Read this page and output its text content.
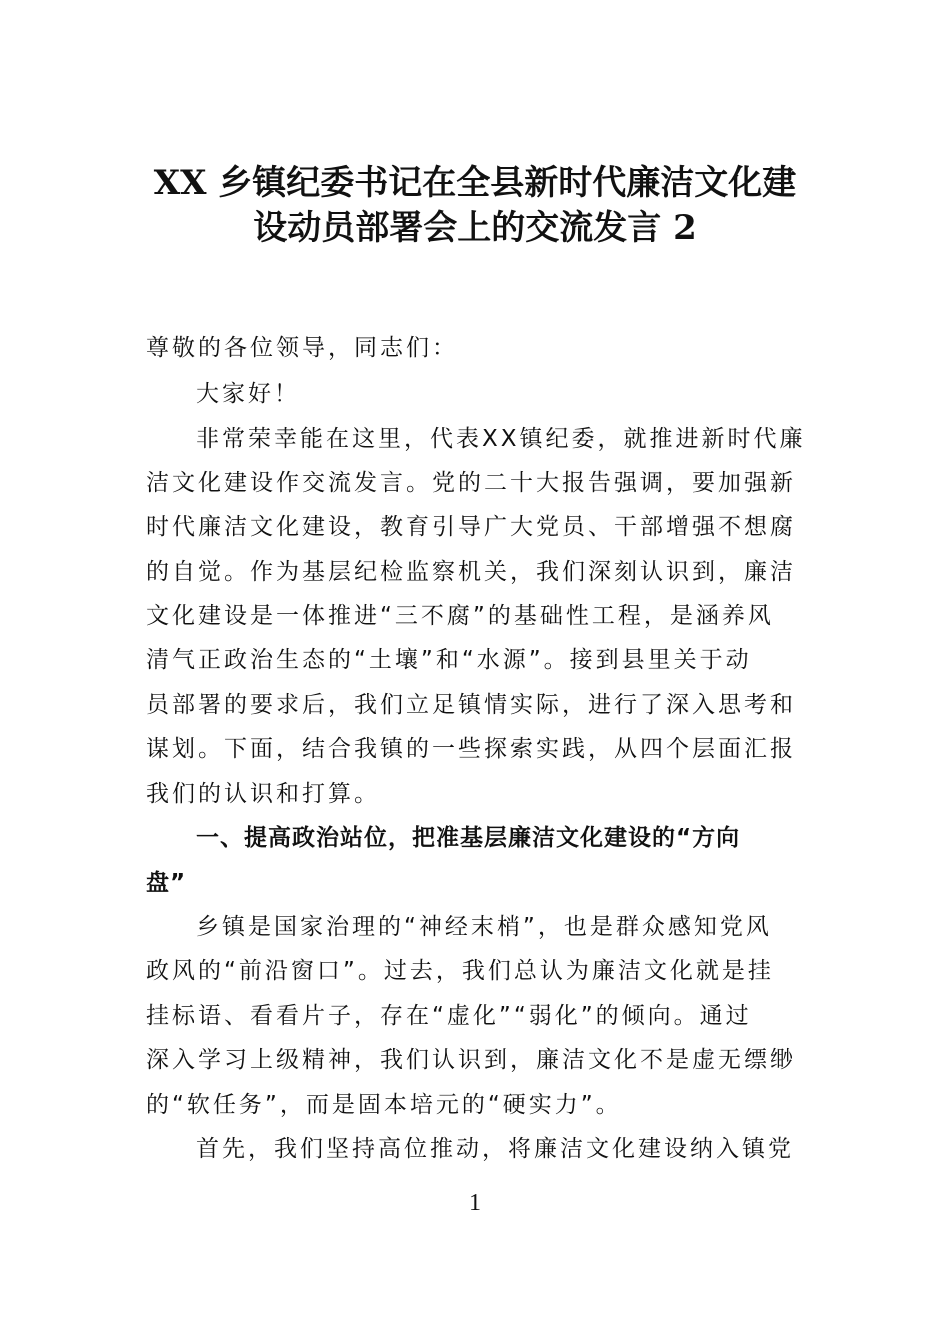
XX 乡镇纪委书记在全县新时代廉洁文化建
设动员部署会上的交流发言 2
尊敬的各位领导，同志们：
大家好！
非常荣幸能在这里，代表XX镇纪委，就推进新时代廉
洁文化建设作交流发言。党的二十大报告强调，要加强新
时代廉洁文化建设，教育引导广大党员、干部增强不想腐
的自觉。作为基层纪检监察机关，我们深刻认识到，廉洁
文化建设是一体推进“三不腐”的基础性工程，是涵养风
清气正政治生态的“土壤”和“水源”。接到县里关于动
员部署的要求后，我们立足镇情实际，进行了深入思考和
谋划。下面，结合我镇的一些探索实践，从四个层面汇报
我们的认识和打算。
一、提高政治站位，把准基层廉洁文化建设的“方向
盘”
乡镇是国家治理的“神经末梢”，也是群众感知党风
政风的“前沿窗口”。过去，我们总认为廉洁文化就是挂
挂标语、看看片子，存在“虚化”“弱化”的倾向。通过
深入学习上级精神，我们认识到，廉洁文化不是虚无缥缈
的“软任务”，而是固本培元的“硬实力”。
首先，我们坚持高位推动，将廉洁文化建设纳入镇党
1
